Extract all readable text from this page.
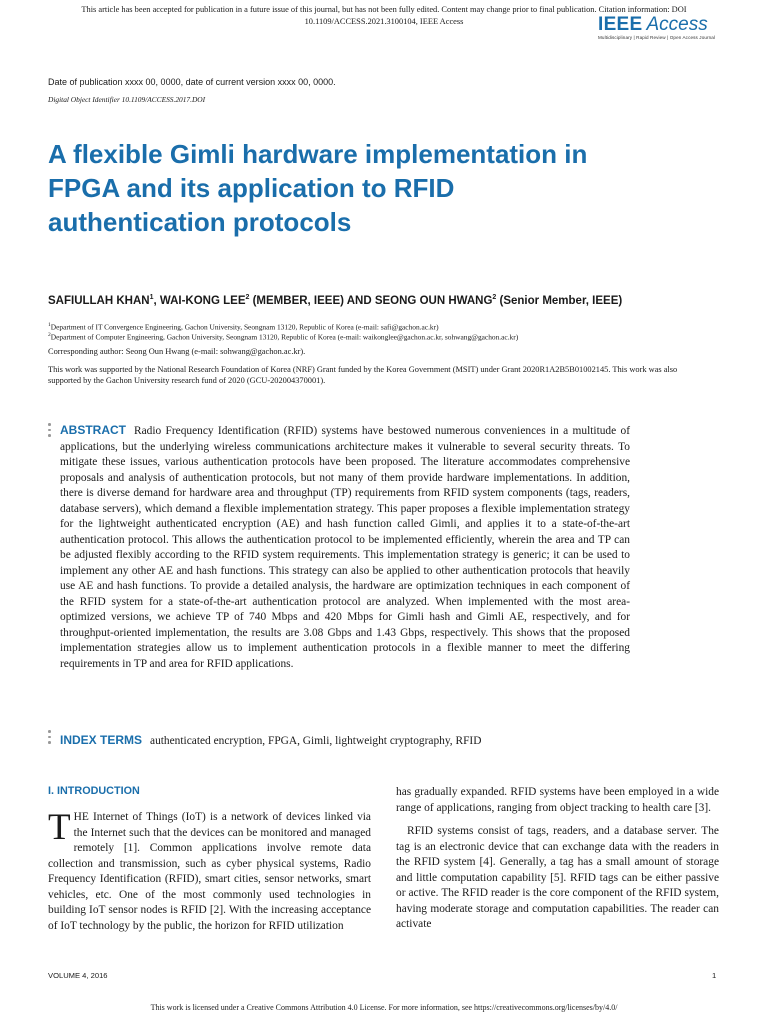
This article has been accepted for publication in a future issue of this journal, but has not been fully edited. Content may change prior to final publication. Citation information: DOI
10.1109/ACCESS.2021.3100104, IEEE Access	IEEE Access
Multidisciplinary | Rapid Review | Open Access Journal
Date of publication xxxx 00, 0000, date of current version xxxx 00, 0000.
Digital Object Identifier 10.1109/ACCESS.2017.DOI
A flexible Gimli hardware implementation in FPGA and its application to RFID authentication protocols
SAFIULLAH KHAN$^1$, WAI-KONG LEE$^2$ (MEMBER, IEEE) AND SEONG OUN HWANG$^2$ (Senior Member, IEEE)
$^1$Department of IT Convergence Engineering, Gachon University, Seongnam 13120, Republic of Korea (e-mail: safi@gachon.ac.kr)
$^2$Department of Computer Engineering, Gachon University, Seongnam 13120, Republic of Korea (e-mail: waikonglee@gachon.ac.kr, sohwang@gachon.ac.kr)
Corresponding author: Seong Oun Hwang (e-mail: sohwang@gachon.ac.kr).
This work was supported by the National Research Foundation of Korea (NRF) Grant funded by the Korea Government (MSIT) under Grant 2020R1A2B5B01002145. This work was also supported by the Gachon University research fund of 2020 (GCU-202004370001).
ABSTRACT Radio Frequency Identification (RFID) systems have bestowed numerous conveniences in a multitude of applications, but the underlying wireless communications architecture makes it vulnerable to several security threats. To mitigate these issues, various authentication protocols have been proposed. The literature accommodates comprehensive proposals and analysis of authentication protocols, but not many of them provide hardware implementations. In addition, there is diverse demand for hardware area and throughput (TP) requirements from RFID system components (tags, readers, database servers), which demand a flexible implementation strategy. This paper proposes a flexible implementation strategy for the lightweight authenticated encryption (AE) and hash function called Gimli, and applies it to a state-of-the-art authentication protocol. This allows the authentication protocol to be implemented efficiently, wherein the area and TP can be adjusted flexibly according to the RFID system requirements. This implementation strategy is generic; it can be used to implement any other AE and hash functions. This strategy can also be applied to other authentication protocols that heavily use AE and hash functions. To provide a detailed analysis, the hardware are optimization techniques in each component of the RFID system for a state-of-the-art authentication protocol are analyzed. When implemented with the most area-optimized versions, we achieve TP of 740 Mbps and 420 Mbps for Gimli hash and Gimli AE, respectively, and for throughput-oriented implementation, the results are 3.08 Gbps and 1.43 Gbps, respectively. This shows that the proposed implementation strategies allow us to implement authentication protocols in a flexible manner to meet the differing requirements in TP and area for RFID applications.
INDEX TERMS authenticated encryption, FPGA, Gimli, lightweight cryptography, RFID
I. INTRODUCTION
THE Internet of Things (IoT) is a network of devices linked via the Internet such that the devices can be monitored and managed remotely [1]. Common applications involve remote data collection and transmission, such as cyber physical systems, Radio Frequency Identification (RFID), smart cities, sensor networks, smart vehicles, etc. One of the most commonly used technologies in building IoT sensor nodes is RFID [2]. With the increasing acceptance of IoT technology by the public, the horizon for RFID utilization
has gradually expanded. RFID systems have been employed in a wide range of applications, ranging from object tracking to health care [3].
RFID systems consist of tags, readers, and a database server. The tag is an electronic device that can exchange data with the readers in the RFID system [4]. Generally, a tag has a small amount of storage and little computation capability [5]. RFID tags can be either passive or active. The RFID reader is the core component of the RFID system, having moderate storage and computation capabilities. The reader can activate
VOLUME 4, 2016	1
This work is licensed under a Creative Commons Attribution 4.0 License. For more information, see https://creativecommons.org/licenses/by/4.0/
